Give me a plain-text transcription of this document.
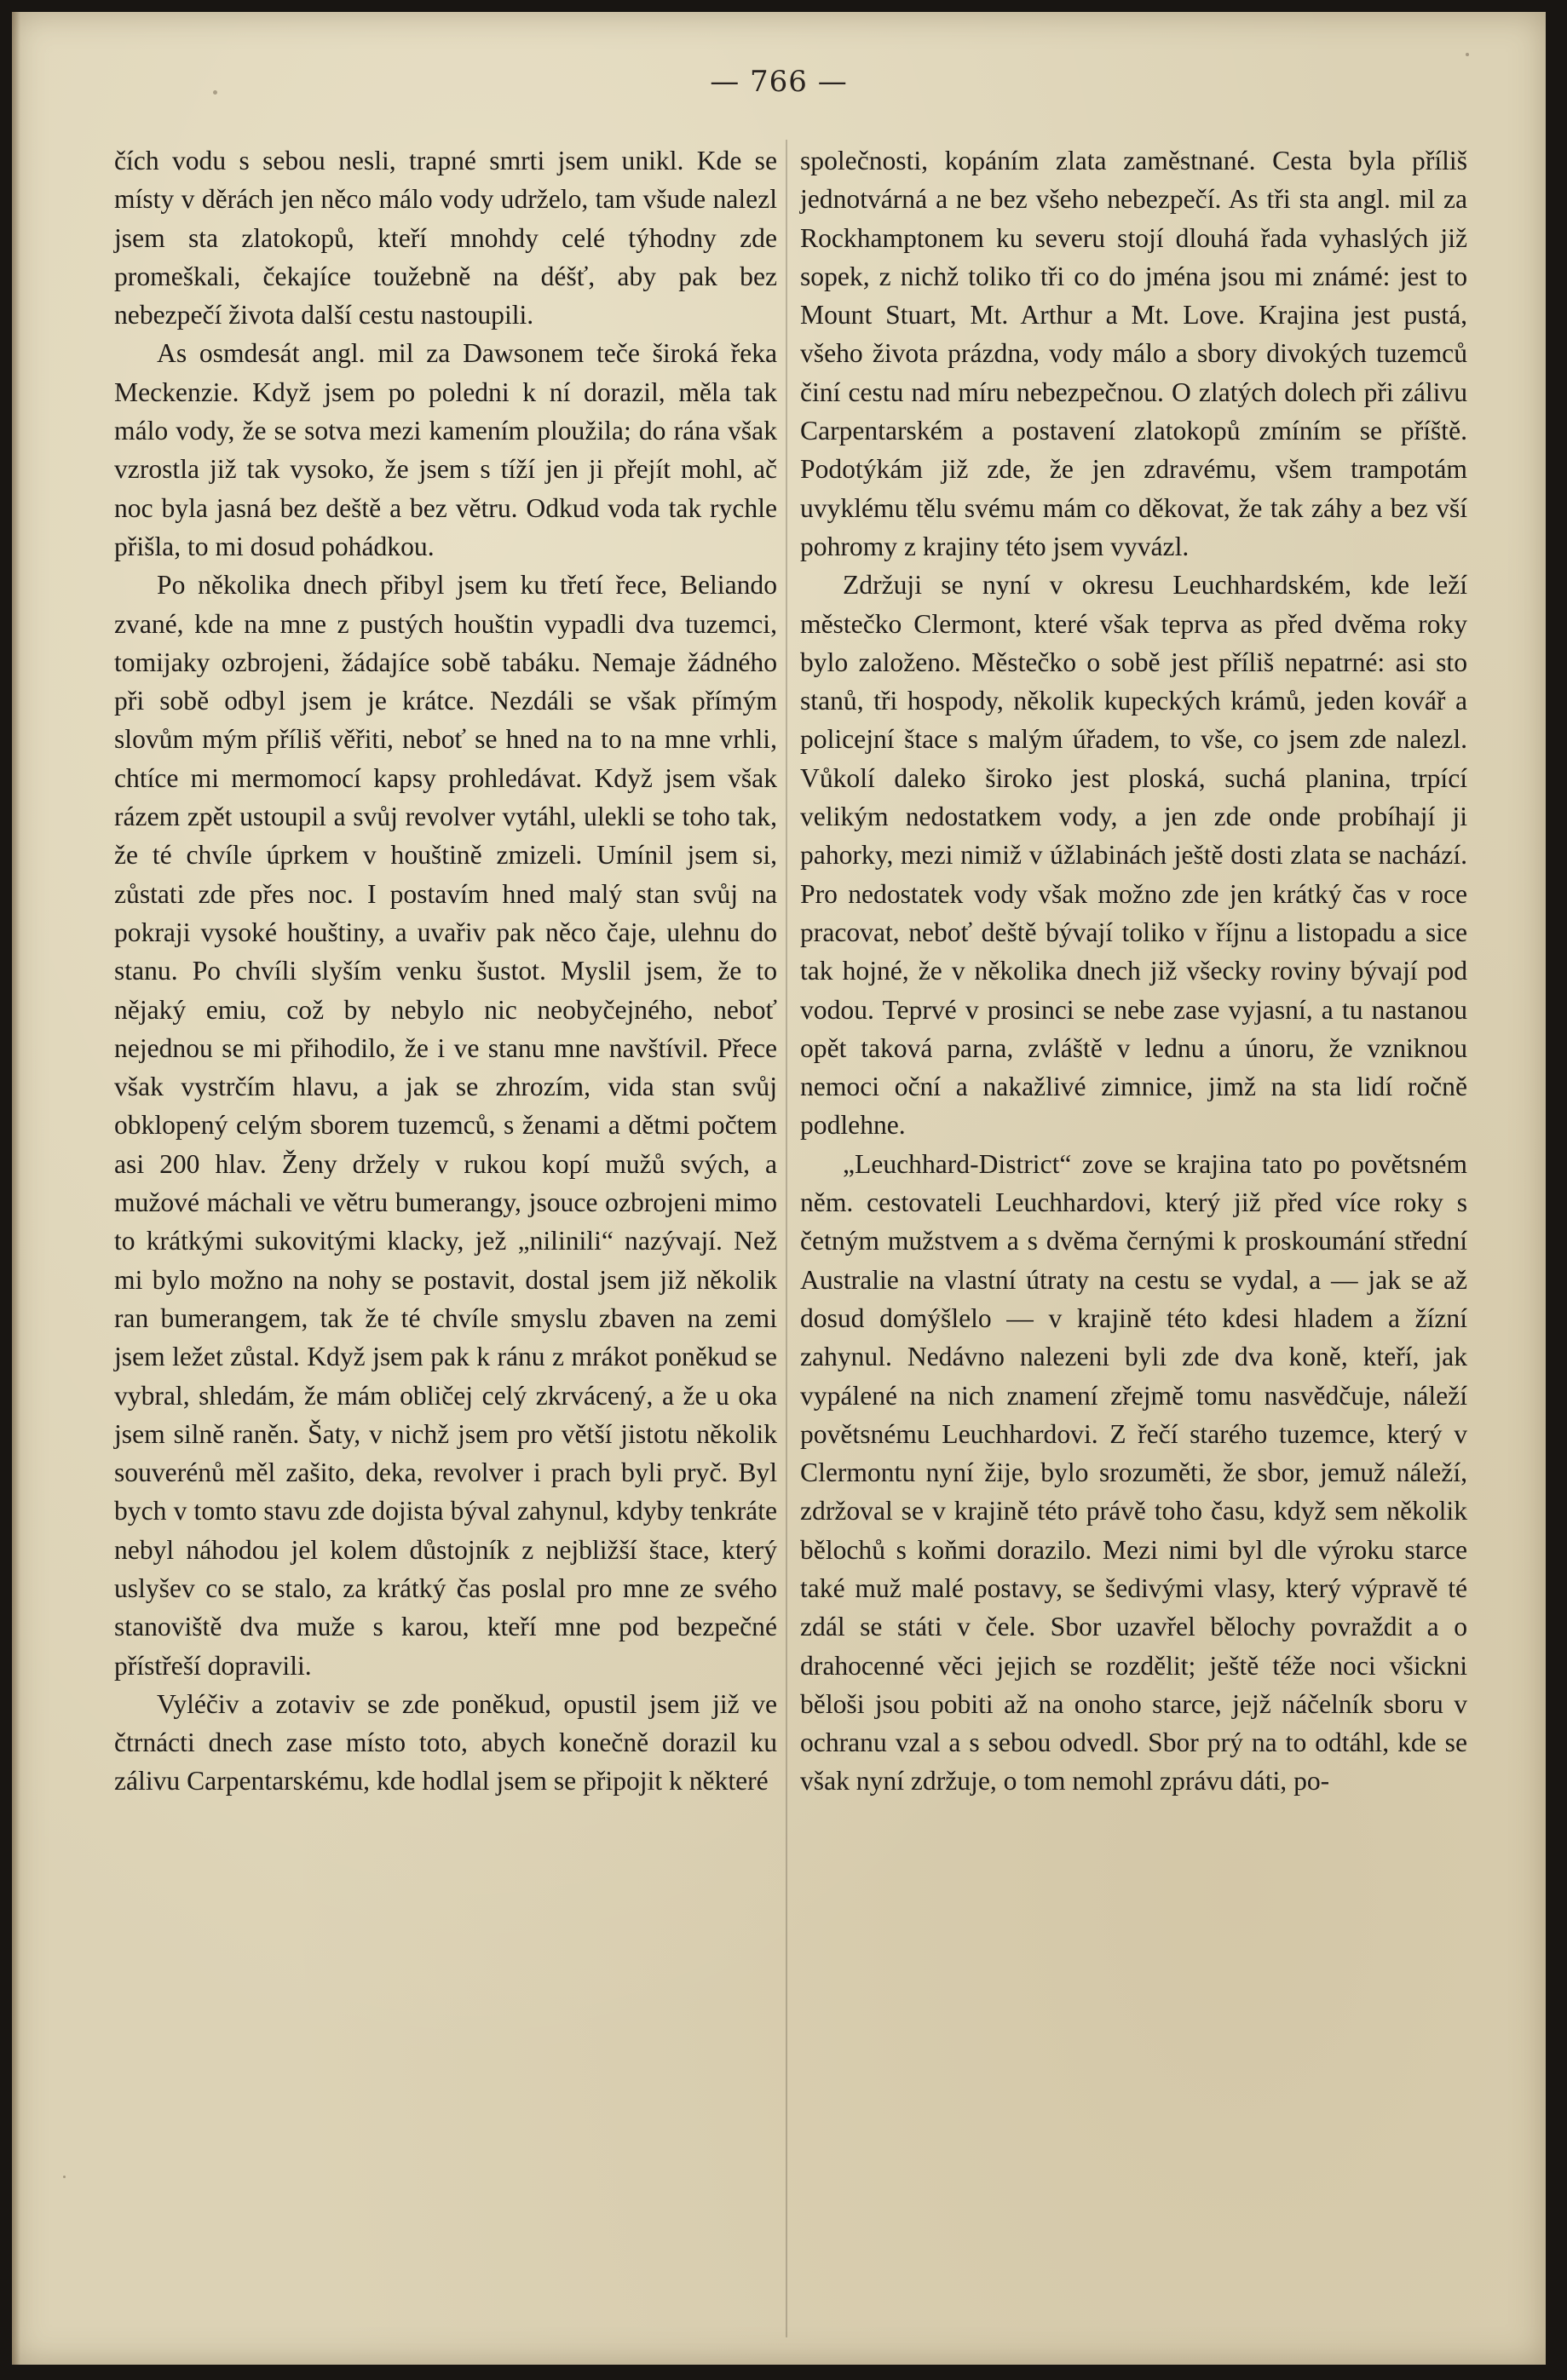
— 766 —

čích vodu s sebou nesli, trapné smrti jsem unikl. Kde se místy v děrách jen něco málo vody udrželo, tam všude nalezl jsem sta zlatokopů, kteří mnohdy celé týhodny zde promeškali, čekajíce toužebně na déšť, aby pak bez nebezpečí života další cestu nastoupili.

As osmdesát angl. mil za Dawsonem teče široká řeka Meckenzie. Když jsem po poledni k ní dorazil, měla tak málo vody, že se sotva mezi kamením ploužila; do rána však vzrostla již tak vysoko, že jsem s tíží jen ji přejít mohl, ač noc byla jasná bez deště a bez větru. Odkud voda tak rychle přišla, to mi dosud pohádkou.

Po několika dnech přibyl jsem ku třetí řece, Beliando zvané, kde na mne z pustých houštin vypadli dva tuzemci, tomijaky ozbrojeni, žádajíce sobě tabáku. Nemaje žádného při sobě odbyl jsem je krátce. Nezdáli se však přímým slovům mým příliš věřiti, neboť se hned na to na mne vrhli, chtíce mi mermomocí kapsy prohledávat. Když jsem však rázem zpět ustoupil a svůj revolver vytáhl, ulekli se toho tak, že té chvíle úprkem v houštině zmizeli. Umínil jsem si, zůstati zde přes noc. I postavím hned malý stan svůj na pokraji vysoké houštiny, a uvařiv pak něco čaje, ulehnu do stanu. Po chvíli slyším venku šustot. Myslil jsem, že to nějaký emiu, což by nebylo nic neobyčejného, neboť nejednou se mi přihodilo, že i ve stanu mne navštívil. Přece však vystrčím hlavu, a jak se zhrozím, vida stan svůj obklopený celým sborem tuzemců, s ženami a dětmi počtem asi 200 hlav. Ženy držely v rukou kopí mužů svých, a mužové máchali ve větru bumerangy, jsouce ozbrojeni mimo to krátkými sukovitými klacky, jež „nilinili“ nazývají. Než mi bylo možno na nohy se postavit, dostal jsem již několik ran bumerangem, tak že té chvíle smyslu zbaven na zemi jsem ležet zůstal. Když jsem pak k ránu z mrákot poněkud se vybral, shledám, že mám obličej celý zkrvácený, a že u oka jsem silně raněn. Šaty, v nichž jsem pro větší jistotu několik souverénů měl zašito, deka, revolver i prach byli pryč. Byl bych v tomto stavu zde dojista býval zahynul, kdyby tenkráte nebyl náhodou jel kolem důstojník z nejbližší štace, který uslyšev co se stalo, za krátký čas poslal pro mne ze svého stanoviště dva muže s karou, kteří mne pod bezpečné přístřeší dopravili.

Vyléčiv a zotaviv se zde poněkud, opustil jsem již ve čtrnácti dnech zase místo toto, abych konečně dorazil ku zálivu Carpentarskému, kde hodlal jsem se připojit k některé

společnosti, kopáním zlata zaměstnané. Cesta byla příliš jednotvárná a ne bez všeho nebezpečí. As tři sta angl. mil za Rockhamptonem ku severu stojí dlouhá řada vyhaslých již sopek, z nichž toliko tři co do jména jsou mi známé: jest to Mount Stuart, Mt. Arthur a Mt. Love. Krajina jest pustá, všeho života prázdna, vody málo a sbory divokých tuzemců činí cestu nad míru nebezpečnou. O zlatých dolech při zálivu Carpentarském a postavení zlatokopů zmíním se příště. Podotýkám již zde, že jen zdravému, všem trampotám uvyklému tělu svému mám co děkovat, že tak záhy a bez vší pohromy z krajiny této jsem vyvázl.

Zdržuji se nyní v okresu Leuchhardském, kde leží městečko Clermont, které však teprva as před dvěma roky bylo založeno. Městečko o sobě jest příliš nepatrné: asi sto stanů, tři hospody, několik kupeckých krámů, jeden kovář a policejní štace s malým úřadem, to vše, co jsem zde nalezl. Vůkolí daleko široko jest ploská, suchá planina, trpící velikým nedostatkem vody, a jen zde onde probíhají ji pahorky, mezi nimiž v úžlabinách ještě dosti zlata se nachází. Pro nedostatek vody však možno zde jen krátký čas v roce pracovat, neboť deště bývají toliko v říjnu a listopadu a sice tak hojné, že v několika dnech již všecky roviny bývají pod vodou. Teprvé v prosinci se nebe zase vyjasní, a tu nastanou opět taková parna, zvláště v lednu a únoru, že vzniknou nemoci oční a nakažlivé zimnice, jimž na sta lidí ročně podlehne.

„Leuchhard-District“ zove se krajina tato po povětsném něm. cestovateli Leuchhardovi, který již před více roky s četným mužstvem a s dvěma černými k proskoumání střední Australie na vlastní útraty na cestu se vydal, a — jak se až dosud domýšlelo — v krajině této kdesi hladem a žízní zahynul. Nedávno nalezeni byli zde dva koně, kteří, jak vypálené na nich znamení zřejmě tomu nasvědčuje, náleží povětsnému Leuchhardovi. Z řečí starého tuzemce, který v Clermontu nyní žije, bylo srozuměti, že sbor, jemuž náleží, zdržoval se v krajině této právě toho času, když sem několik bělochů s koňmi dorazilo. Mezi nimi byl dle výroku starce také muž malé postavy, se šedivými vlasy, který výpravě té zdál se státi v čele. Sbor uzavřel bělochy povraždit a o drahocenné věci jejich se rozdělit; ještě téže noci všickni běloši jsou pobiti až na onoho starce, jejž náčelník sboru v ochranu vzal a s sebou odvedl. Sbor prý na to odtáhl, kde se však nyní zdržuje, o tom nemohl zprávu dáti, po-
